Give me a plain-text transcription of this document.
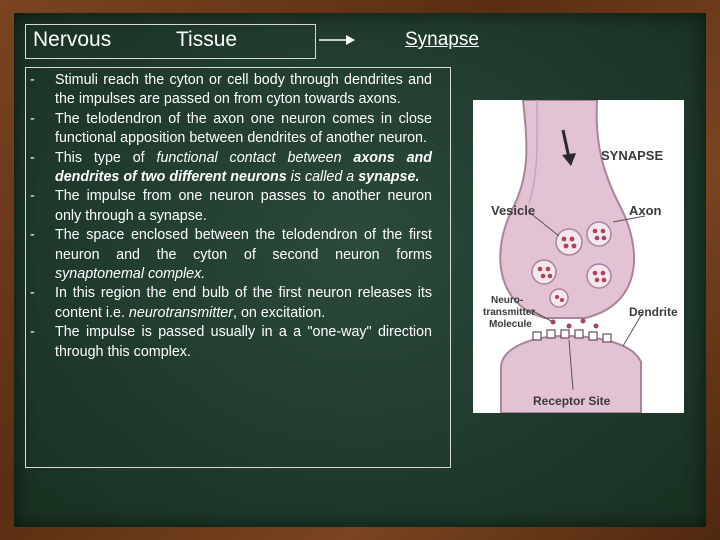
Nervous	Tissue	Synapse
- Stimuli reach the cyton or cell body through dendrites and the impulses are passed on from cyton towards axons.
- The telodendron of the axon one neuron comes in close functional apposition between dendrites of another neuron.
- This type of functional contact between axons and dendrites of two different neurons is called a synapse.
- The impulse from one neuron passes to another neuron only through a synapse.
- The space enclosed between the telodendron of the first neuron and the cyton of second neuron forms synaptonemal complex.
- In this region the end bulb of the first neuron releases its content i.e. neurotransmitter, on excitation.
- The impulse is passed usually in a a "one-way" direction through this complex.
SYNAPSE
Vesicle	Axon
Neuro-
transmitter
Molecule
Dendrite
Receptor Site
